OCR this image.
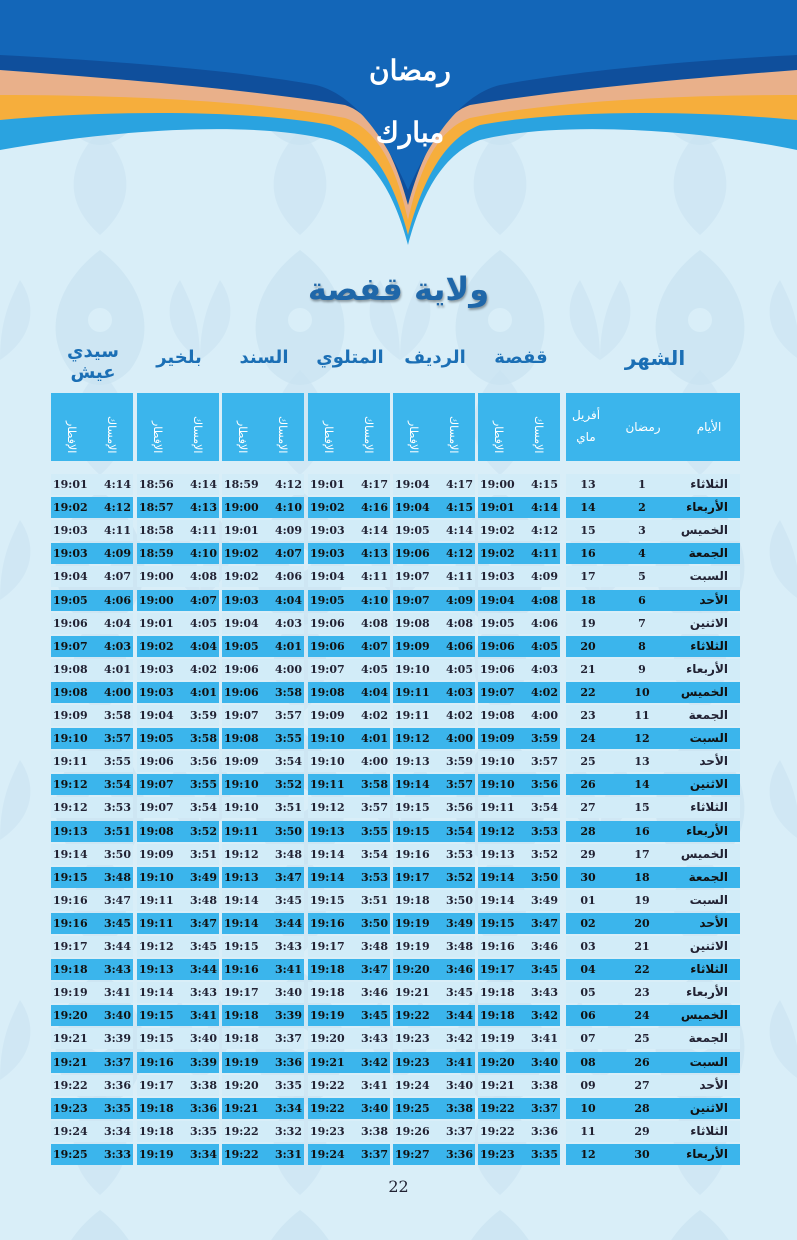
رمضان مبارك
ولاية قفصة
الشهر
قفصة
الرديف
المتلوي
السند
بلخير
سيدي
عيش
الأيام
رمضان
أفريل
ماي
الإمساك
الإفطار
الإمساك
الإفطار
الإمساك
الإفطار
الإمساك
الإفطار
الإمساك
الإفطار
الإمساك
الإفطار
الثلاثاء
1
13
4:15
19:00
4:17
19:04
4:17
19:01
4:12
18:59
4:14
18:56
4:14
19:01
الأربعاء
2
14
4:14
19:01
4:15
19:04
4:16
19:02
4:10
19:00
4:13
18:57
4:12
19:02
الخميس
3
15
4:12
19:02
4:14
19:05
4:14
19:03
4:09
19:01
4:11
18:58
4:11
19:03
الجمعة
4
16
4:11
19:02
4:12
19:06
4:13
19:03
4:07
19:02
4:10
18:59
4:09
19:03
السبت
5
17
4:09
19:03
4:11
19:07
4:11
19:04
4:06
19:02
4:08
19:00
4:07
19:04
الأحد
6
18
4:08
19:04
4:09
19:07
4:10
19:05
4:04
19:03
4:07
19:00
4:06
19:05
الاثنين
7
19
4:06
19:05
4:08
19:08
4:08
19:06
4:03
19:04
4:05
19:01
4:04
19:06
الثلاثاء
8
20
4:05
19:06
4:06
19:09
4:07
19:06
4:01
19:05
4:04
19:02
4:03
19:07
الأربعاء
9
21
4:03
19:06
4:05
19:10
4:05
19:07
4:00
19:06
4:02
19:03
4:01
19:08
الخميس
10
22
4:02
19:07
4:03
19:11
4:04
19:08
3:58
19:06
4:01
19:03
4:00
19:08
الجمعة
11
23
4:00
19:08
4:02
19:11
4:02
19:09
3:57
19:07
3:59
19:04
3:58
19:09
السبت
12
24
3:59
19:09
4:00
19:12
4:01
19:10
3:55
19:08
3:58
19:05
3:57
19:10
الأحد
13
25
3:57
19:10
3:59
19:13
4:00
19:10
3:54
19:09
3:56
19:06
3:55
19:11
الاثنين
14
26
3:56
19:10
3:57
19:14
3:58
19:11
3:52
19:10
3:55
19:07
3:54
19:12
الثلاثاء
15
27
3:54
19:11
3:56
19:15
3:57
19:12
3:51
19:10
3:54
19:07
3:53
19:12
الأربعاء
16
28
3:53
19:12
3:54
19:15
3:55
19:13
3:50
19:11
3:52
19:08
3:51
19:13
الخميس
17
29
3:52
19:13
3:53
19:16
3:54
19:14
3:48
19:12
3:51
19:09
3:50
19:14
الجمعة
18
30
3:50
19:14
3:52
19:17
3:53
19:14
3:47
19:13
3:49
19:10
3:48
19:15
السبت
19
01
3:49
19:14
3:50
19:18
3:51
19:15
3:45
19:14
3:48
19:11
3:47
19:16
الأحد
20
02
3:47
19:15
3:49
19:19
3:50
19:16
3:44
19:14
3:47
19:11
3:45
19:16
الاثنين
21
03
3:46
19:16
3:48
19:19
3:48
19:17
3:43
19:15
3:45
19:12
3:44
19:17
الثلاثاء
22
04
3:45
19:17
3:46
19:20
3:47
19:18
3:41
19:16
3:44
19:13
3:43
19:18
الأربعاء
23
05
3:43
19:18
3:45
19:21
3:46
19:18
3:40
19:17
3:43
19:14
3:41
19:19
الخميس
24
06
3:42
19:18
3:44
19:22
3:45
19:19
3:39
19:18
3:41
19:15
3:40
19:20
الجمعة
25
07
3:41
19:19
3:42
19:23
3:43
19:20
3:37
19:18
3:40
19:15
3:39
19:21
السبت
26
08
3:40
19:20
3:41
19:23
3:42
19:21
3:36
19:19
3:39
19:16
3:37
19:21
الأحد
27
09
3:38
19:21
3:40
19:24
3:41
19:22
3:35
19:20
3:38
19:17
3:36
19:22
الاثنين
28
10
3:37
19:22
3:38
19:25
3:40
19:22
3:34
19:21
3:36
19:18
3:35
19:23
الثلاثاء
29
11
3:36
19:22
3:37
19:26
3:38
19:23
3:32
19:22
3:35
19:18
3:34
19:24
الأربعاء
30
12
3:35
19:23
3:36
19:27
3:37
19:24
3:31
19:22
3:34
19:19
3:33
19:25
22
